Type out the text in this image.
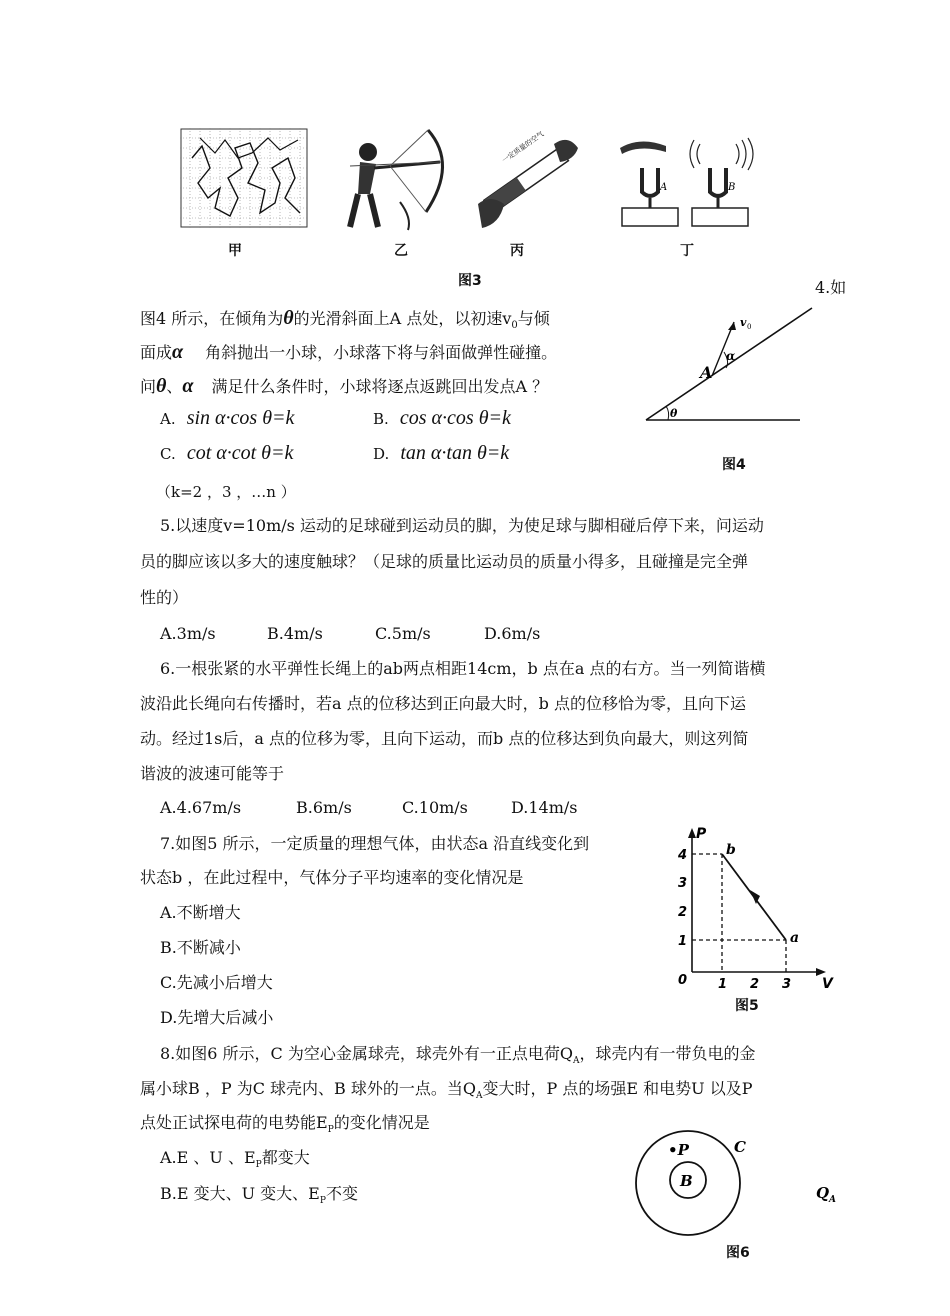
甲	乙
一定质量的空气
丙
A	B
丁
图3	4.如
图4 所示，在倾角为θ的光滑斜面上A 点处，以初速$v_0$与倾
面成α 角斜抛出一小球，小球落下将与斜面做弹性碰撞。
问θ、α 满足什么条件时，小球将逐点返跳回出发点A ？
A. sin α·cos θ=k	B. cos α·cos θ=k
C. cot α·cot θ=k	D. tan α·tan θ=k
（k=2 ，3 ，…n ）
θ
A
α
v 0
图4
5.以速度v=10m/s 运动的足球碰到运动员的脚，为使足球与脚相碰后停下来，问运动
员的脚应该以多大的速度触球？（足球的质量比运动员的质量小得多，且碰撞是完全弹
性的）
A.3m/s	B.4m/s	C.5m/s	D.6m/s
6.一根张紧的水平弹性长绳上的ab两点相距14cm，b 点在a 点的右方。当一列简谐横
波沿此长绳向右传播时，若a 点的位移达到正向最大时，b 点的位移恰为零，且向下运
动。经过1s后，a 点的位移为零，且向下运动，而b 点的位移达到负向最大，则这列简
谐波的波速可能等于
A.4.67m/s	B.6m/s	C.10m/s	D.14m/s
7.如图5 所示，一定质量的理想气体，由状态a 沿直线变化到
状态b ，在此过程中，气体分子平均速率的变化情况是
A.不断增大
B.不断减小
C.先减小后增大
D.先增大后减小
P
V
0
1
2
3
4
1 2 3
b
a
图5
8.如图6 所示，C 为空心金属球壳，球壳外有一正点电荷$Q_A$，球壳内有一带负电的金
属小球B ，P 为C 球壳内、B 球外的一点。当$Q_A$变大时，P 点的场强E 和电势U 以及P
点处正试探电荷的电势能$E_P$的变化情况是
A.E 、U 、$E_P$都变大
B.E 变大、U 变大、$E_P$不变
B
•P	C
Q A
图6
